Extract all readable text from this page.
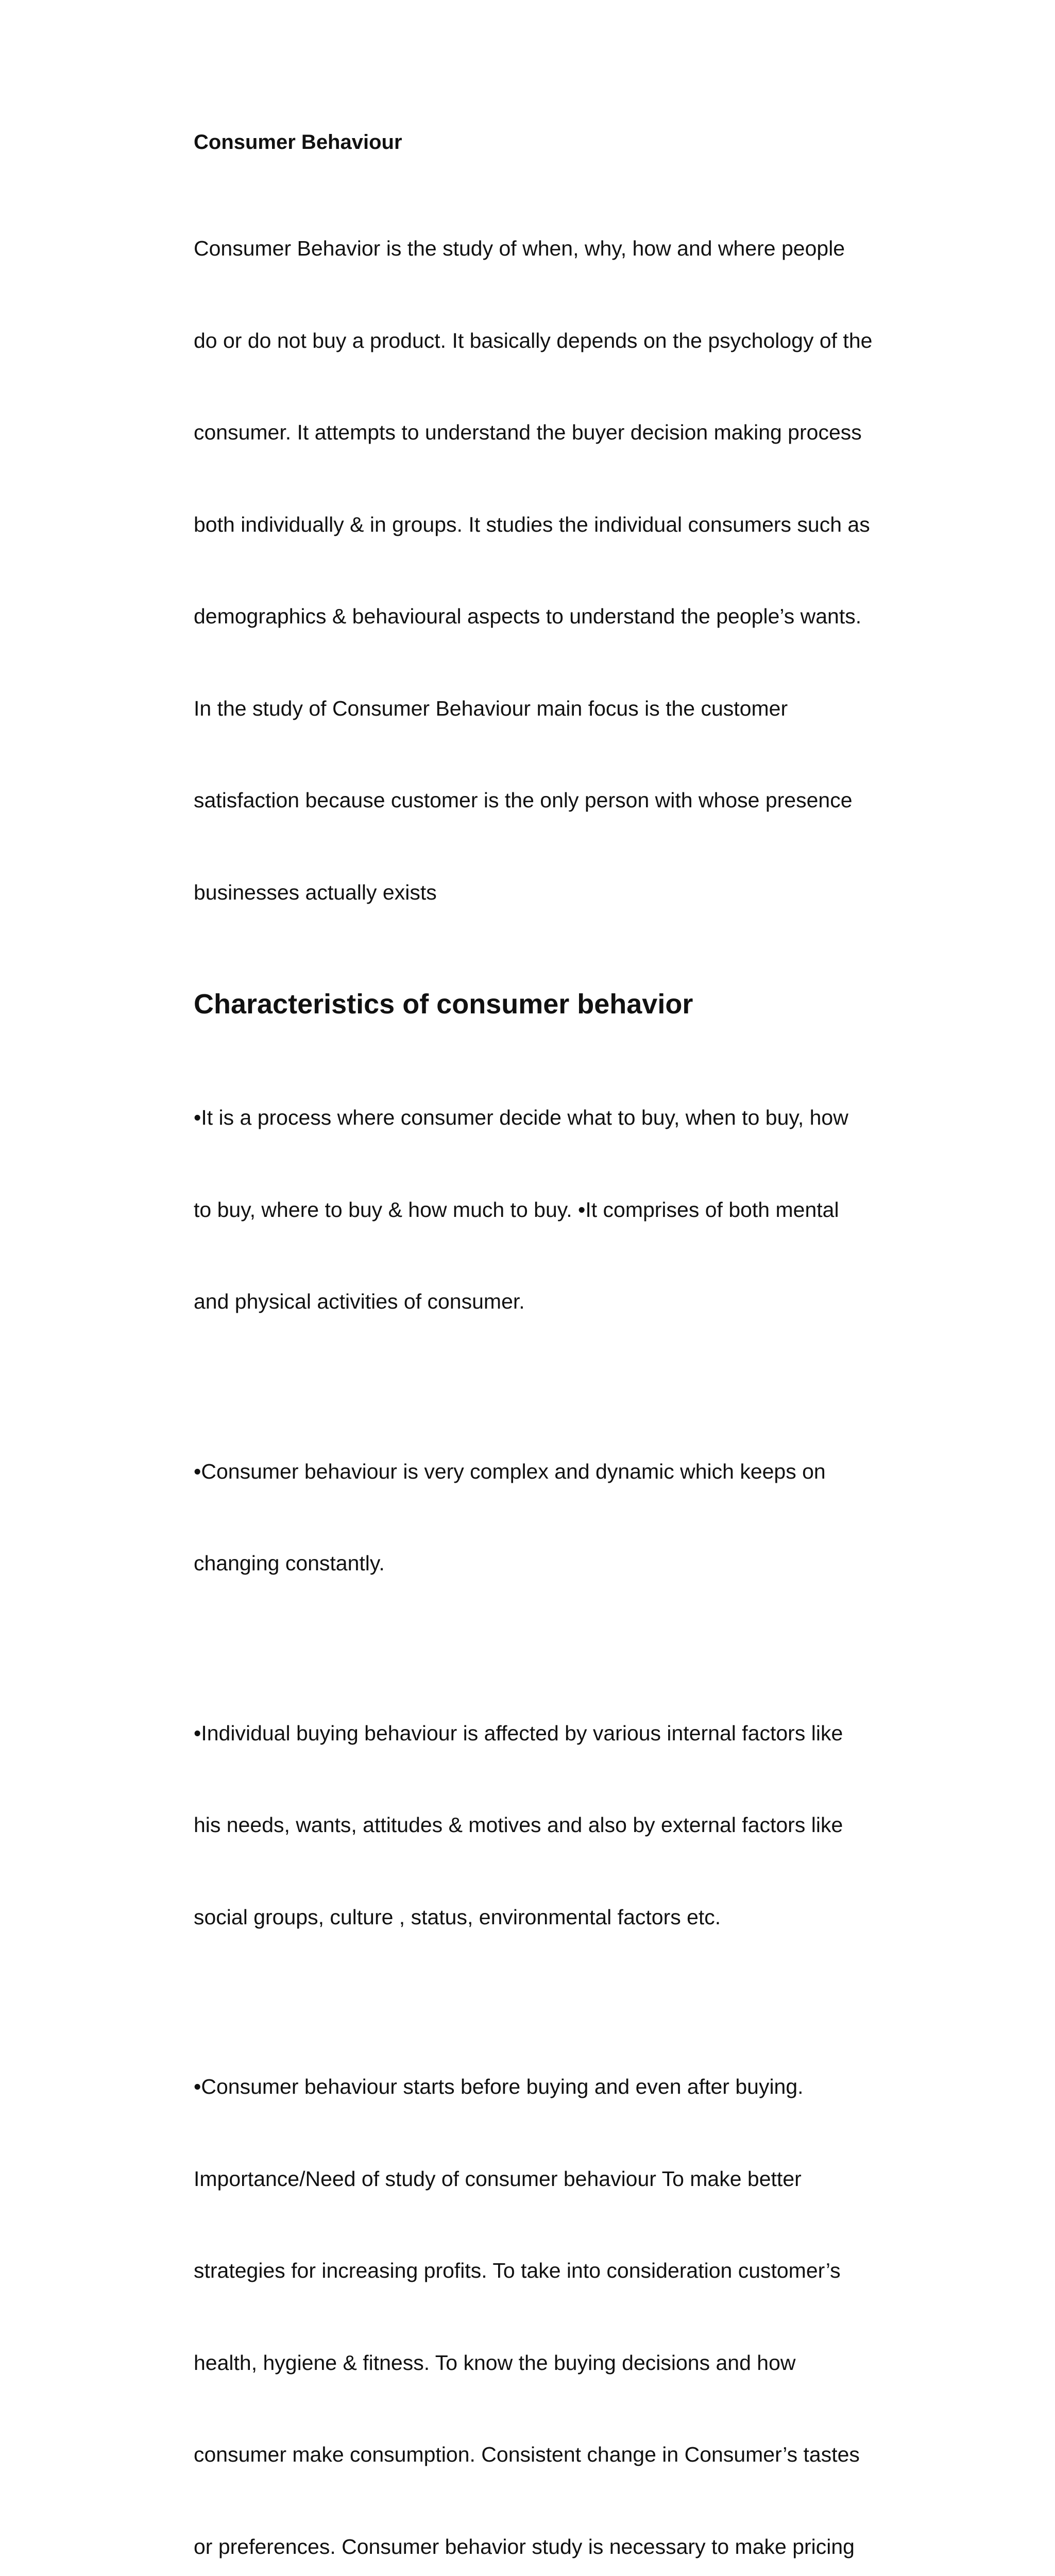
Consumer Behaviour

Consumer Behavior is the study of when, why, how and where people

do or do not buy a product. It basically depends on the psychology of the

consumer. It attempts to understand the buyer decision making process

both individually & in groups. It studies the individual consumers such as

demographics & behavioural aspects to understand the people’s wants.

In the study of Consumer Behaviour main focus is the customer

satisfaction because customer is the only person with whose presence

businesses actually exists

Characteristics of consumer behavior

•It is a process where consumer decide what to buy, when to buy, how

to buy, where to buy & how much to buy. •It comprises of both mental

and physical activities of consumer.

•Consumer behaviour is very complex and dynamic which keeps on

changing constantly.

•Individual buying behaviour is affected by various internal factors like

his needs, wants, attitudes & motives and also by external factors like

social groups, culture , status, environmental factors etc.

•Consumer behaviour starts before buying and even after buying.

Importance/Need of study of consumer behaviour To make better

strategies for increasing profits. To take into consideration customer’s

health, hygiene & fitness. To know the buying decisions and how

consumer make consumption. Consistent change in Consumer’s tastes

or preferences. Consumer behavior study is necessary to make pricing
